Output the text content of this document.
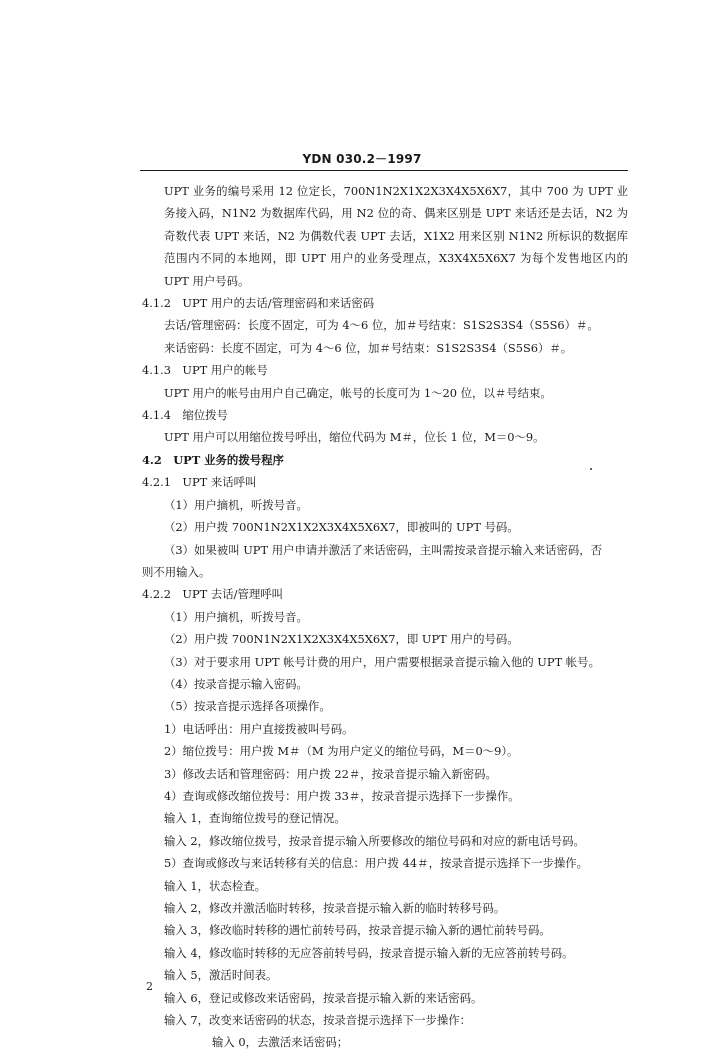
YDN 030.2－1997

UPT 业务的编号采用 12 位定长，700N1N2X1X2X3X4X5X6X7，其中 700 为 UPT 业务接入码，N1N2 为数据库代码，用 N2 位的奇、偶来区别是 UPT 来话还是去话，N2 为奇数代表 UPT 来话，N2 为偶数代表 UPT 去话，X1X2 用来区别 N1N2 所标识的数据库范围内不同的本地网，即 UPT 用户的业务受理点，X3X4X5X6X7 为每个发售地区内的 UPT 用户号码。

4.1.2　UPT 用户的去话/管理密码和来话密码

去话/管理密码：长度不固定，可为 4～6 位，加＃号结束：S1S2S3S4（S5S6）＃。

来话密码：长度不固定，可为 4～6 位，加＃号结束：S1S2S3S4（S5S6）＃。

4.1.3　UPT 用户的帐号

UPT 用户的帐号由用户自己确定，帐号的长度可为 1～20 位，以＃号结束。

4.1.4　缩位拨号

UPT 用户可以用缩位拨号呼出，缩位代码为 M＃，位长 1 位，M＝0～9。

4.2　UPT 业务的拨号程序

4.2.1　UPT 来话呼叫

（1）用户摘机，听拨号音。

（2）用户拨 700N1N2X1X2X3X4X5X6X7，即被叫的 UPT 号码。

（3）如果被叫 UPT 用户申请并激活了来话密码，主叫需按录音提示输入来话密码，否

则不用输入。

4.2.2　UPT 去话/管理呼叫

（1）用户摘机，听拨号音。

（2）用户拨 700N1N2X1X2X3X4X5X6X7，即 UPT 用户的号码。

（3）对于要求用 UPT 帐号计费的用户，用户需要根据录音提示输入他的 UPT 帐号。

（4）按录音提示输入密码。

（5）按录音提示选择各项操作。

1）电话呼出：用户直接拨被叫号码。

2）缩位拨号：用户拨 M＃（M 为用户定义的缩位号码，M＝0～9）。

3）修改去话和管理密码：用户拨 22＃，按录音提示输入新密码。

4）查询或修改缩位拨号：用户拨 33＃，按录音提示选择下一步操作。

输入 1，查询缩位拨号的登记情况。

输入 2，修改缩位拨号，按录音提示输入所要修改的缩位号码和对应的新电话号码。

5）查询或修改与来话转移有关的信息：用户拨 44＃，按录音提示选择下一步操作。

输入 1，状态检查。

输入 2，修改并激活临时转移，按录音提示输入新的临时转移号码。

输入 3，修改临时转移的遇忙前转号码，按录音提示输入新的遇忙前转号码。

输入 4，修改临时转移的无应答前转号码，按录音提示输入新的无应答前转号码。

输入 5，激活时间表。

输入 6，登记或修改来话密码，按录音提示输入新的来话密码。

输入 7，改变来话密码的状态，按录音提示选择下一步操作：

输入 0，去激活来话密码；

2
